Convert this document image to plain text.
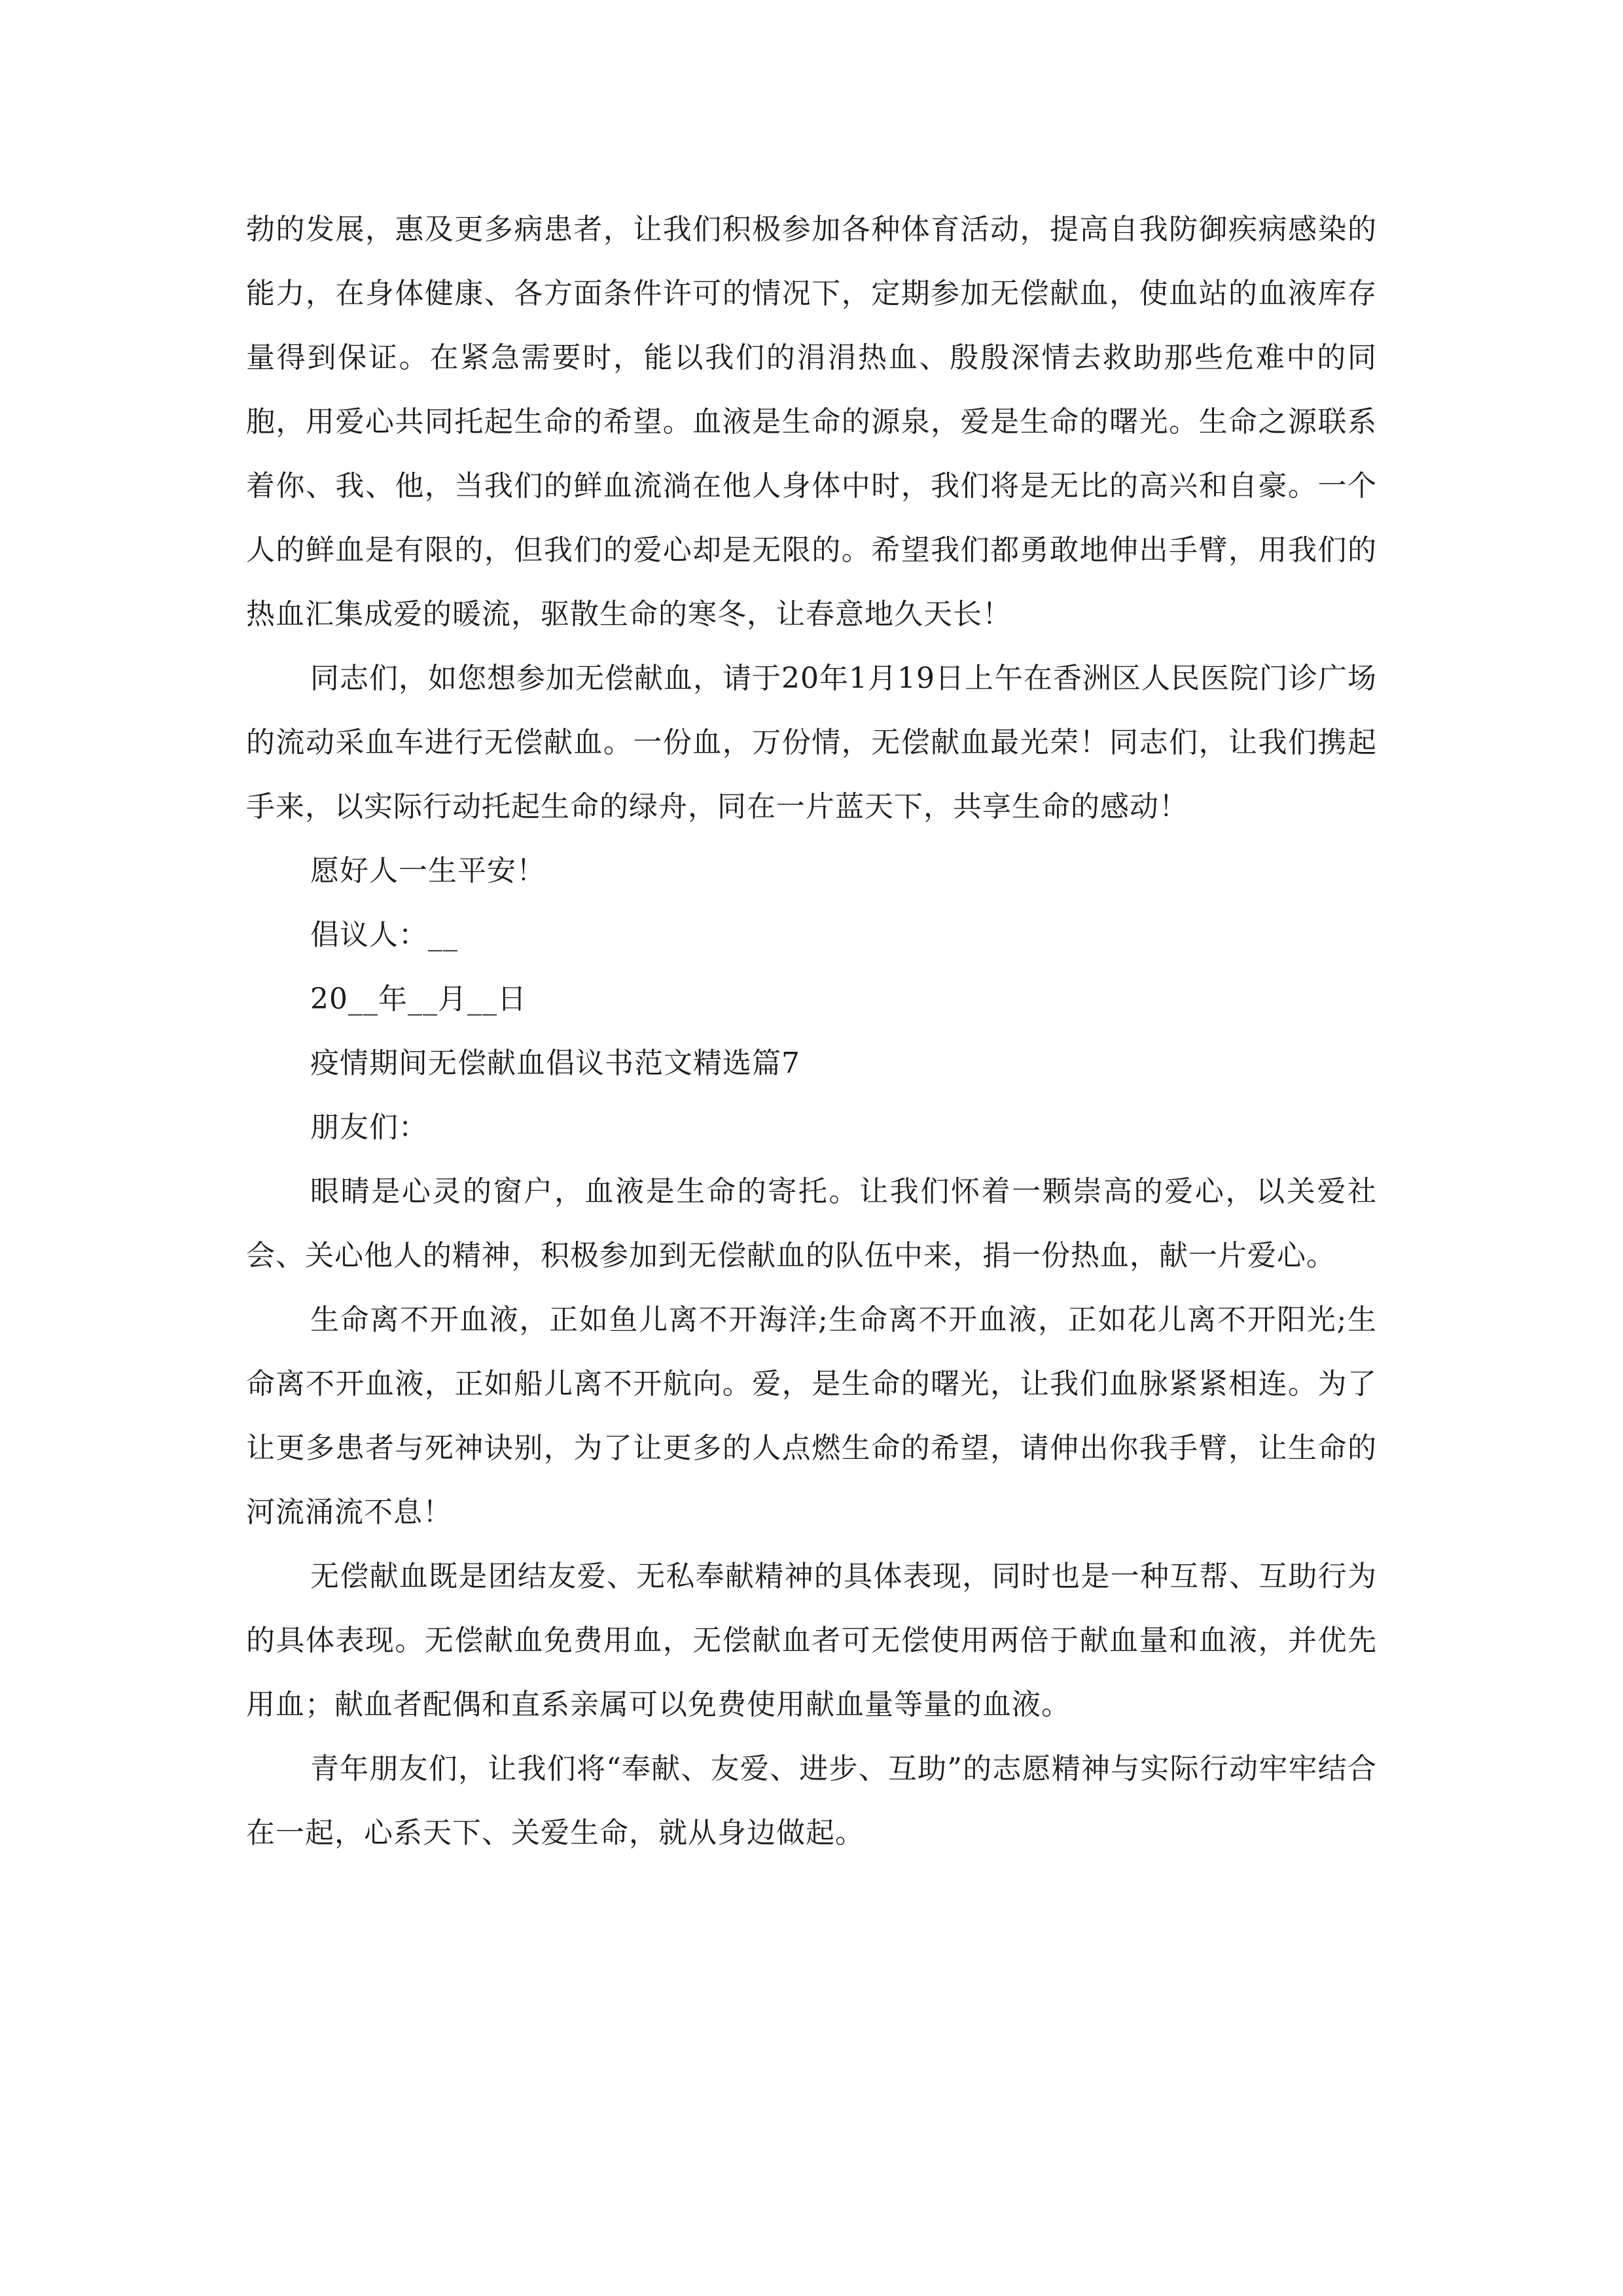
勃的发展，惠及更多病患者，让我们积极参加各种体育活动，提高自我防御疾病感染的能力，在身体健康、各方面条件许可的情况下，定期参加无偿献血，使血站的血液库存量得到保证。在紧急需要时，能以我们的涓涓热血、殷殷深情去救助那些危难中的同胞，用爱心共同托起生命的希望。血液是生命的源泉，爱是生命的曙光。生命之源联系着你、我、他，当我们的鲜血流淌在他人身体中时，我们将是无比的高兴和自豪。一个人的鲜血是有限的，但我们的爱心却是无限的。希望我们都勇敢地伸出手臂，用我们的热血汇集成爱的暖流，驱散生命的寒冬，让春意地久天长！

同志们，如您想参加无偿献血，请于20年1月19日上午在香洲区人民医院门诊广场的流动采血车进行无偿献血。一份血，万份情，无偿献血最光荣！同志们，让我们携起手来，以实际行动托起生命的绿舟，同在一片蓝天下，共享生命的感动！

愿好人一生平安！

倡议人：__

20__年__月__日

疫情期间无偿献血倡议书范文精选篇7

朋友们：

眼睛是心灵的窗户，血液是生命的寄托。让我们怀着一颗崇高的爱心，以关爱社会、关心他人的精神，积极参加到无偿献血的队伍中来，捐一份热血，献一片爱心。

生命离不开血液，正如鱼儿离不开海洋;生命离不开血液，正如花儿离不开阳光;生命离不开血液，正如船儿离不开航向。爱，是生命的曙光，让我们血脉紧紧相连。为了让更多患者与死神诀别，为了让更多的人点燃生命的希望，请伸出你我手臂，让生命的河流涌流不息！

无偿献血既是团结友爱、无私奉献精神的具体表现，同时也是一种互帮、互助行为的具体表现。无偿献血免费用血，无偿献血者可无偿使用两倍于献血量和血液，并优先用血；献血者配偶和直系亲属可以免费使用献血量等量的血液。

青年朋友们，让我们将“奉献、友爱、进步、互助”的志愿精神与实际行动牢牢结合在一起，心系天下、关爱生命，就从身边做起。
